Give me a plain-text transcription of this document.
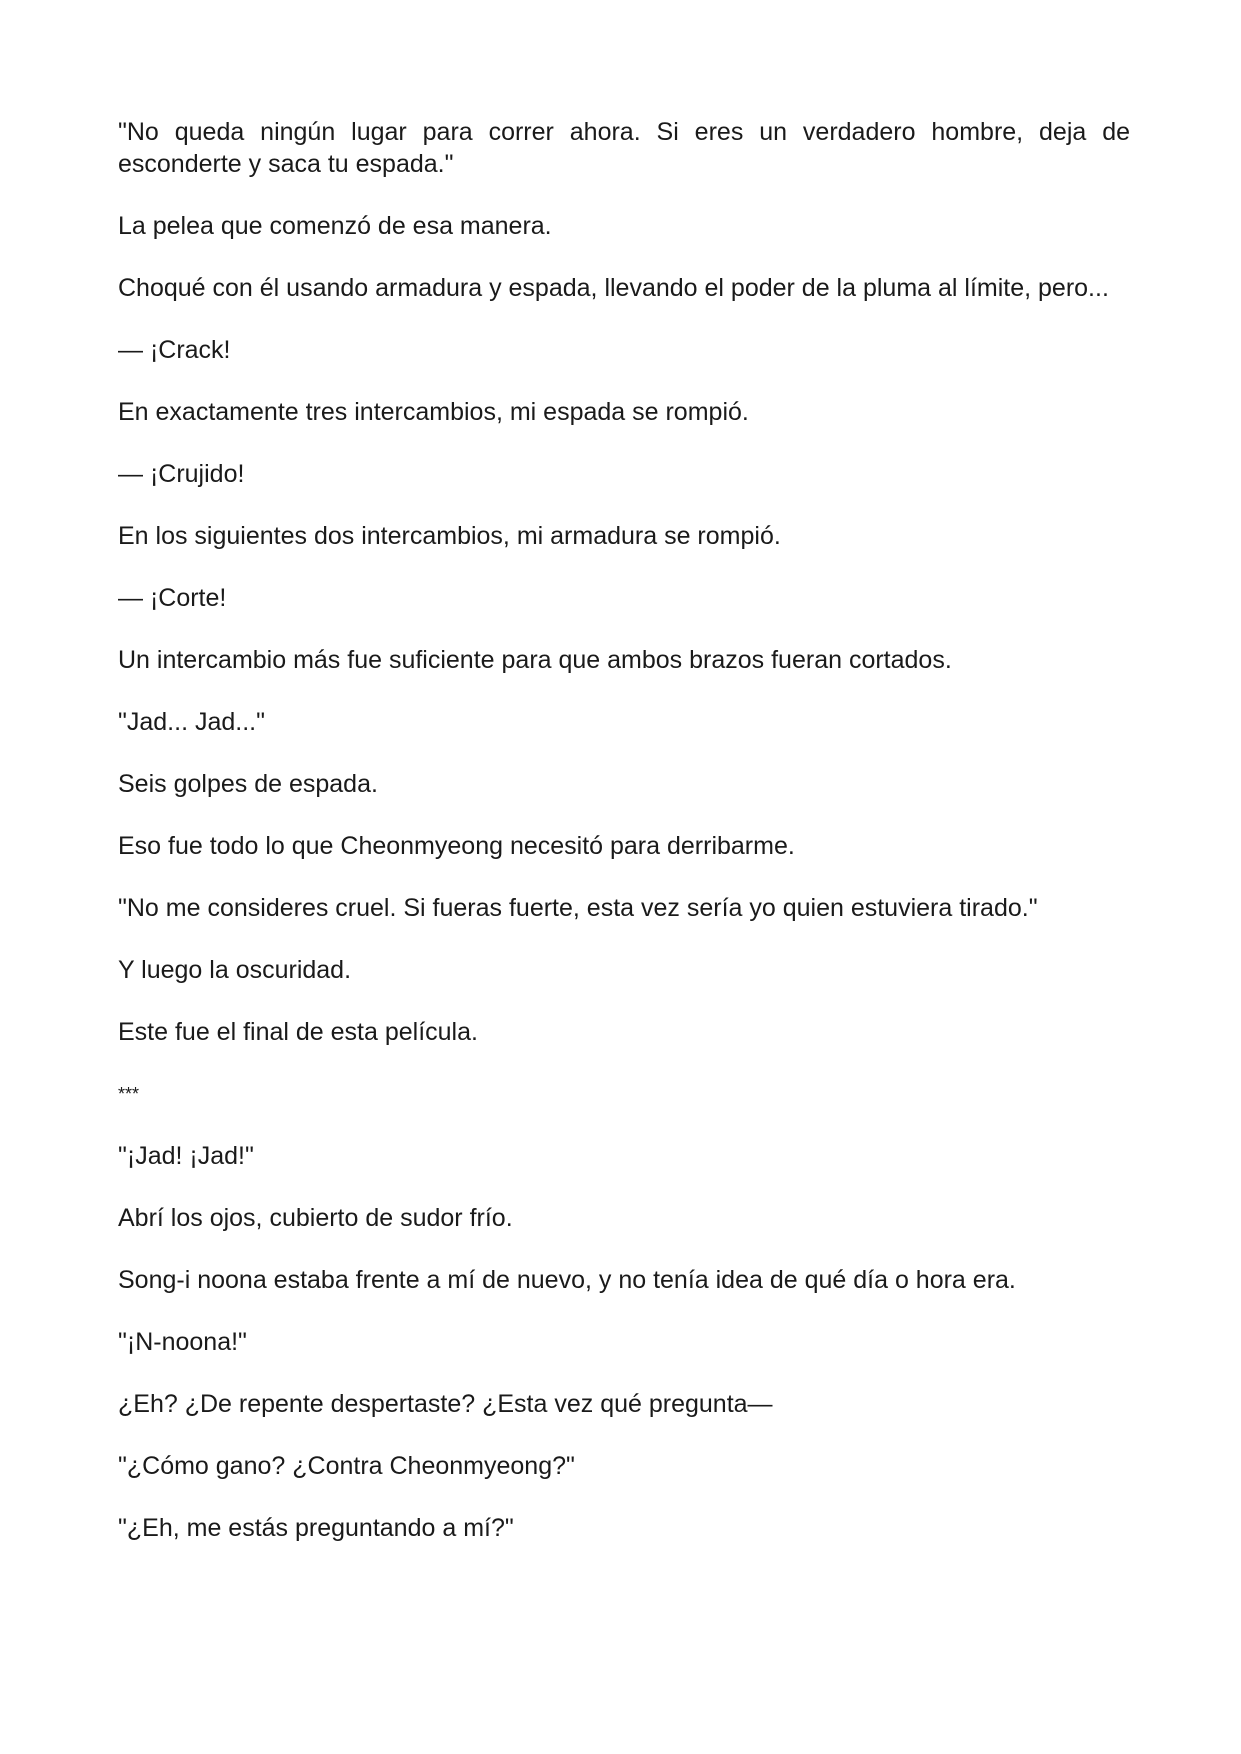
"No queda ningún lugar para correr ahora. Si eres un verdadero hombre, deja de esconderte y saca tu espada."

La pelea que comenzó de esa manera.

Choqué con él usando armadura y espada, llevando el poder de la pluma al límite, pero...

— ¡Crack!

En exactamente tres intercambios, mi espada se rompió.

— ¡Crujido!

En los siguientes dos intercambios, mi armadura se rompió.

— ¡Corte!

Un intercambio más fue suficiente para que ambos brazos fueran cortados.

"Jad... Jad..."

Seis golpes de espada.

Eso fue todo lo que Cheonmyeong necesitó para derribarme.

"No me consideres cruel. Si fueras fuerte, esta vez sería yo quien estuviera tirado."

Y luego la oscuridad.

Este fue el final de esta película.

***

"¡Jad! ¡Jad!"

Abrí los ojos, cubierto de sudor frío.

Song-i noona estaba frente a mí de nuevo, y no tenía idea de qué día o hora era.

"¡N-noona!"

¿Eh? ¿De repente despertaste? ¿Esta vez qué pregunta—

"¿Cómo gano? ¿Contra Cheonmyeong?"

"¿Eh, me estás preguntando a mí?"
